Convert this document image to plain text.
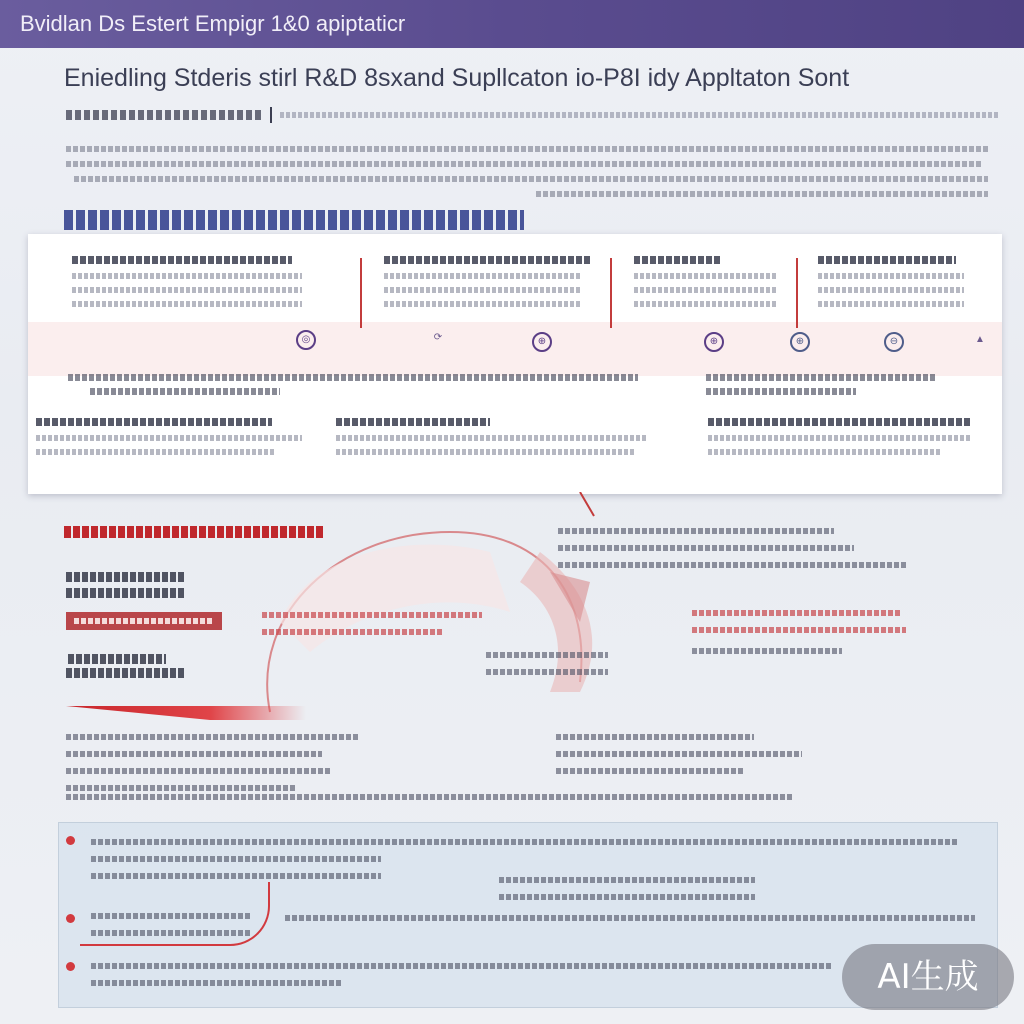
Bvidlan Ds Estert Empigr 1&0 apiptaticr
Eniedling Stderis stirl R&D 8sxand Supllcaton io-P8I idy Appltaton Sont
◎	⟳	⊕	⊕	⊕	⊖	▲
AI生成
